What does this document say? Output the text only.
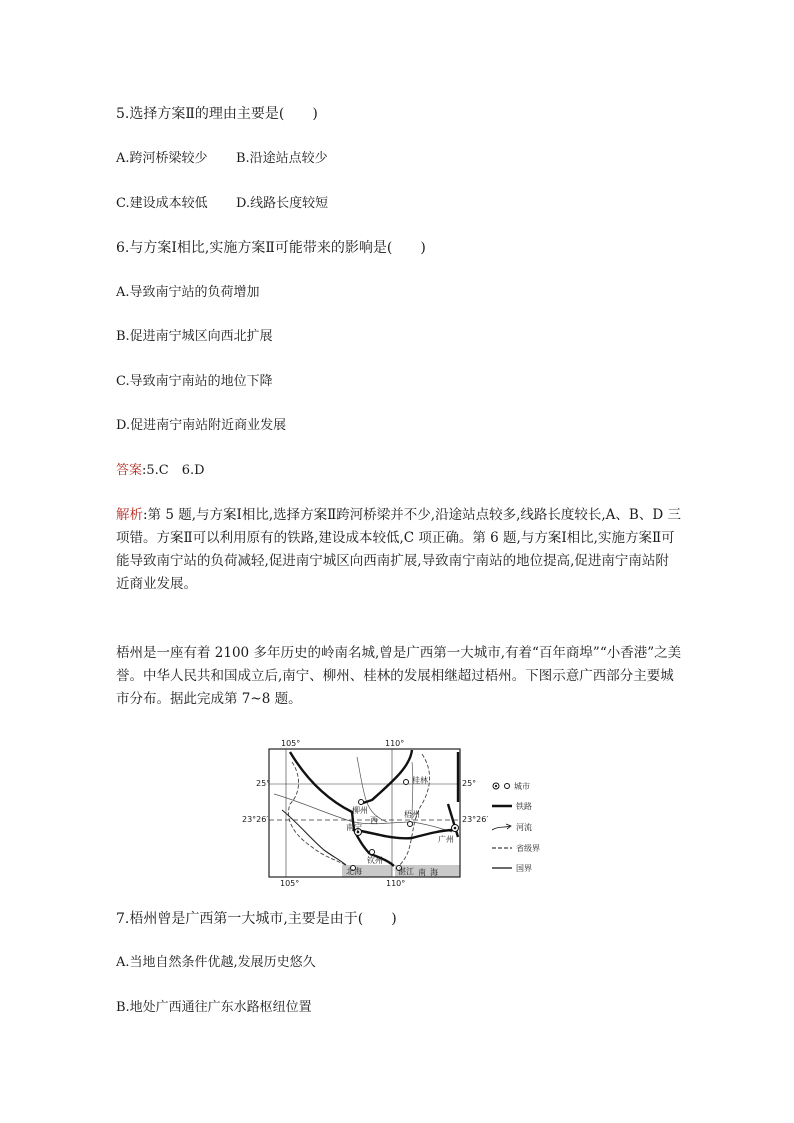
5.选择方案Ⅱ的理由主要是(　　)
A.跨河桥梁较少 B.沿途站点较少
C.建设成本较低 D.线路长度较短
6.与方案Ⅰ相比,实施方案Ⅱ可能带来的影响是(　　)
A.导致南宁站的负荷增加
B.促进南宁城区向西北扩展
C.导致南宁南站的地位下降
D.促进南宁南站附近商业发展
答案:5.C　6.D
解析:第 5 题,与方案Ⅰ相比,选择方案Ⅱ跨河桥梁并不少,沿途站点较多,线路长度较长,A、B、D 三项错。方案Ⅱ可以利用原有的铁路,建设成本较低,C 项正确。第 6 题,与方案Ⅰ相比,实施方案Ⅱ可能导致南宁站的负荷减轻,促进南宁城区向西南扩展,导致南宁南站的地位提高,促进南宁南站附近商业发展。
梧州是一座有着 2100 多年历史的岭南名城,曾是广西第一大城市,有着“百年商埠”“小香港”之美誉。中华人民共和国成立后,南宁、柳州、桂林的发展相继超过梧州。下图示意广西部分主要城市分布。据此完成第 7~8 题。
105°	110°
105°	110°
25°	25°
23°26′	23°26′
桂林
柳州	梧州
西
南宁
钦州
北海	湛江
广州
南 海
城市
铁路
河流
省级界
国界
7.梧州曾是广西第一大城市,主要是由于(　　)
A.当地自然条件优越,发展历史悠久
B.地处广西通往广东水路枢纽位置
